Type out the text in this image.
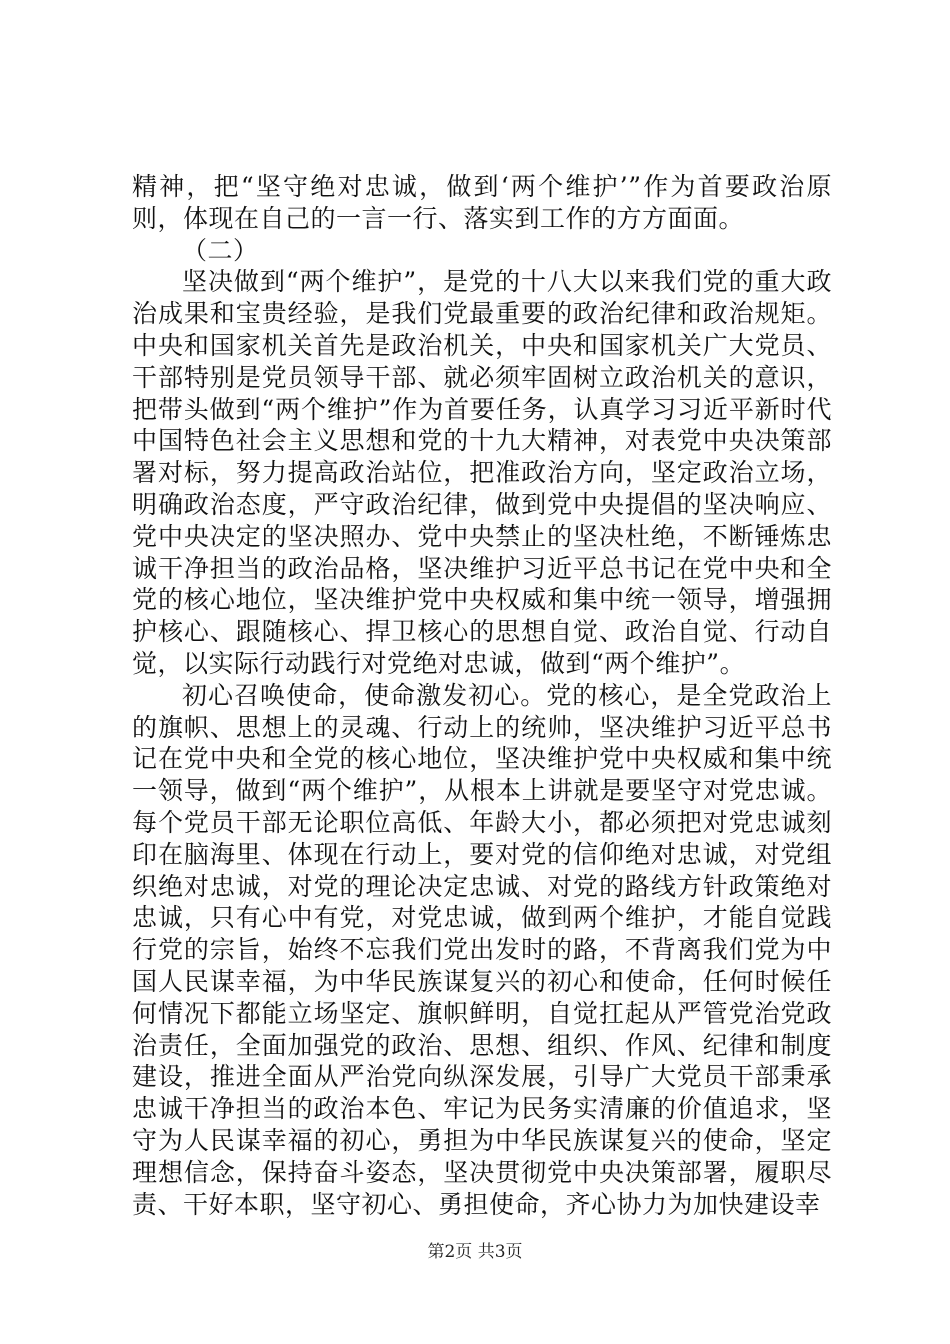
精神，把“坚守绝对忠诚，做到‘两个维护’”作为首要政治原则，体现在自己的一言一行、落实到工作的方方面面。

（二）

坚决做到“两个维护”，是党的十八大以来我们党的重大政治成果和宝贵经验，是我们党最重要的政治纪律和政治规矩。中央和国家机关首先是政治机关，中央和国家机关广大党员、干部特别是党员领导干部、就必须牢固树立政治机关的意识，把带头做到“两个维护”作为首要任务，认真学习习近平新时代中国特色社会主义思想和党的十九大精神，对表党中央决策部署对标，努力提高政治站位，把准政治方向，坚定政治立场，明确政治态度，严守政治纪律，做到党中央提倡的坚决响应、党中央决定的坚决照办、党中央禁止的坚决杜绝，不断锤炼忠诚干净担当的政治品格，坚决维护习近平总书记在党中央和全党的核心地位，坚决维护党中央权威和集中统一领导，增强拥护核心、跟随核心、捍卫核心的思想自觉、政治自觉、行动自觉，以实际行动践行对党绝对忠诚，做到“两个维护”。

初心召唤使命，使命激发初心。党的核心，是全党政治上的旗帜、思想上的灵魂、行动上的统帅，坚决维护习近平总书记在党中央和全党的核心地位，坚决维护党中央权威和集中统一领导，做到“两个维护”，从根本上讲就是要坚守对党忠诚。每个党员干部无论职位高低、年龄大小，都必须把对党忠诚刻印在脑海里、体现在行动上，要对党的信仰绝对忠诚，对党组织绝对忠诚，对党的理论决定忠诚、对党的路线方针政策绝对忠诚，只有心中有党，对党忠诚，做到两个维护，才能自觉践行党的宗旨，始终不忘我们党出发时的路，不背离我们党为中国人民谋幸福，为中华民族谋复兴的初心和使命，任何时候任何情况下都能立场坚定、旗帜鲜明，自觉扛起从严管党治党政治责任，全面加强党的政治、思想、组织、作风、纪律和制度建设，推进全面从严治党向纵深发展，引导广大党员干部秉承忠诚干净担当的政治本色、牢记为民务实清廉的价值追求，坚守为人民谋幸福的初心，勇担为中华民族谋复兴的使命，坚定理想信念，保持奋斗姿态，坚决贯彻党中央决策部署，履职尽责、干好本职，坚守初心、勇担使命，齐心协力为加快建设幸

第2页 共3页
